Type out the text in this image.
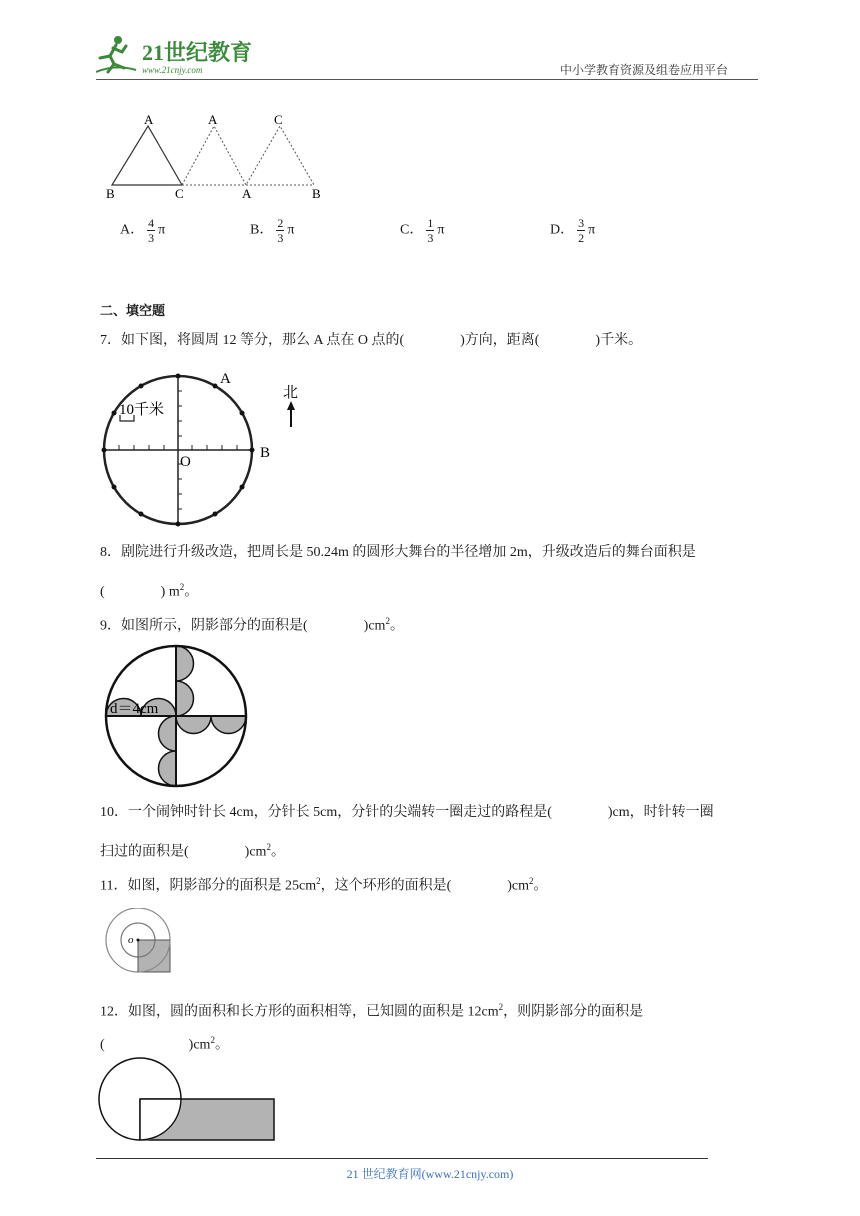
21世纪教育
www.21cnjy.com	中小学教育资源及组卷应用平台
A
B	C
A	C
A	B
A． $\frac{4}{3}$ π	B． $\frac{2}{3}$ π	C． $\frac{1}{3}$ π	D． $\frac{3}{2}$ π
二、填空题
7．如下图，将圆周 12 等分，那么 A 点在 O 点的(　　　　)方向，距离(　　　　)千米。
10千米
A
B
O
北
8．剧院进行升级改造，把周长是 50.24m 的圆形大舞台的半径增加 2m，升级改造后的舞台面积是
(　　　　) $m^2$。
9．如图所示，阴影部分的面积是(　　　　)$cm^2$。
d＝4cm
10．一个闹钟时针长 4cm，分针长 5cm，分针的尖端转一圈走过的路程是(　　　　)cm，时针转一圈
扫过的面积是(　　　　)$cm^2$。
11．如图，阴影部分的面积是 $25cm^2$，这个环形的面积是(　　　　)$cm^2$。
o
12．如图，圆的面积和长方形的面积相等，已知圆的面积是 $12cm^2$，则阴影部分的面积是
(　　　　　　)$cm^2$。
21 世纪教育网(www.21cnjy.com)
